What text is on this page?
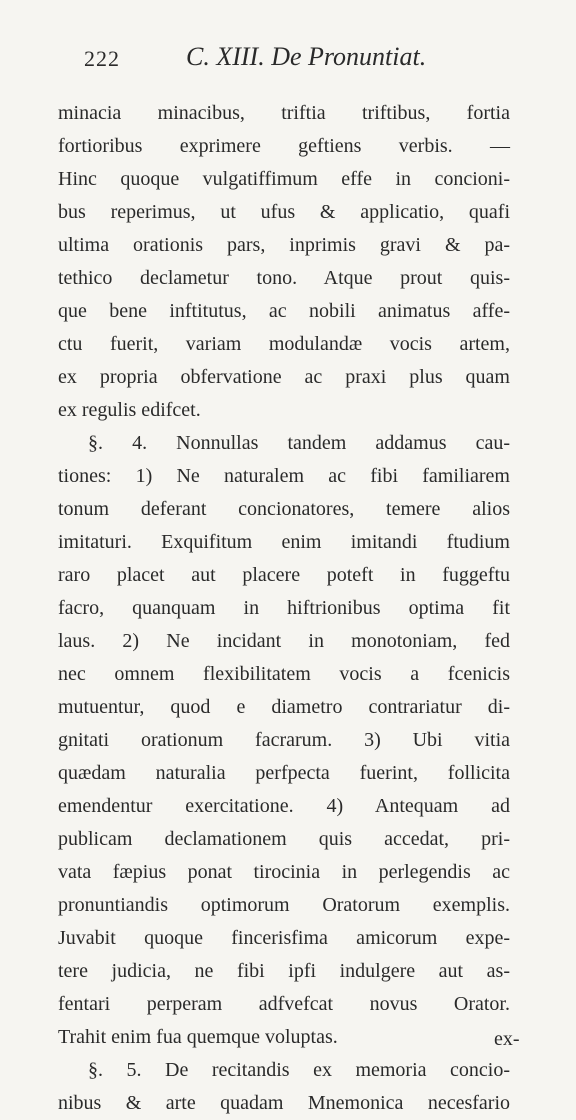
222	C. XIII. De Pronuntiat.
minacia minacibus, triftia triftibus, fortia
fortioribus exprimere geftiens verbis. —
Hinc quoque vulgatiffimum effe in concioni-
bus reperimus, ut ufus & applicatio, quafi
ultima orationis pars, inprimis gravi & pa-
tethico declametur tono. Atque prout quis-
que bene inftitutus, ac nobili animatus affe-
ctu fuerit, variam modulandæ vocis artem,
ex propria obfervatione ac praxi plus quam
ex regulis edifcet.
§. 4. Nonnullas tandem addamus cau-
tiones: 1) Ne naturalem ac fibi familiarem
tonum deferant concionatores, temere alios
imitaturi. Exquifitum enim imitandi ftudium
raro placet aut placere poteft in fuggeftu
facro, quanquam in hiftrionibus optima fit
laus. 2) Ne incidant in monotoniam, fed
nec omnem flexibilitatem vocis a fcenicis
mutuentur, quod e diametro contrariatur di-
gnitati orationum facrarum. 3) Ubi vitia
quædam naturalia perfpecta fuerint, follicita
emendentur exercitatione. 4) Antequam ad
publicam declamationem quis accedat, pri-
vata fæpius ponat tirocinia in perlegendis ac
pronuntiandis optimorum Oratorum exemplis.
Juvabit quoque fincerisfima amicorum expe-
tere judicia, ne fibi ipfi indulgere aut as-
fentari perperam adfvefcat novus Orator.
Trahit enim fua quemque voluptas.
§. 5. De recitandis ex memoria concio-
nibus & arte quadam Mnemonica necesfario
ex-
